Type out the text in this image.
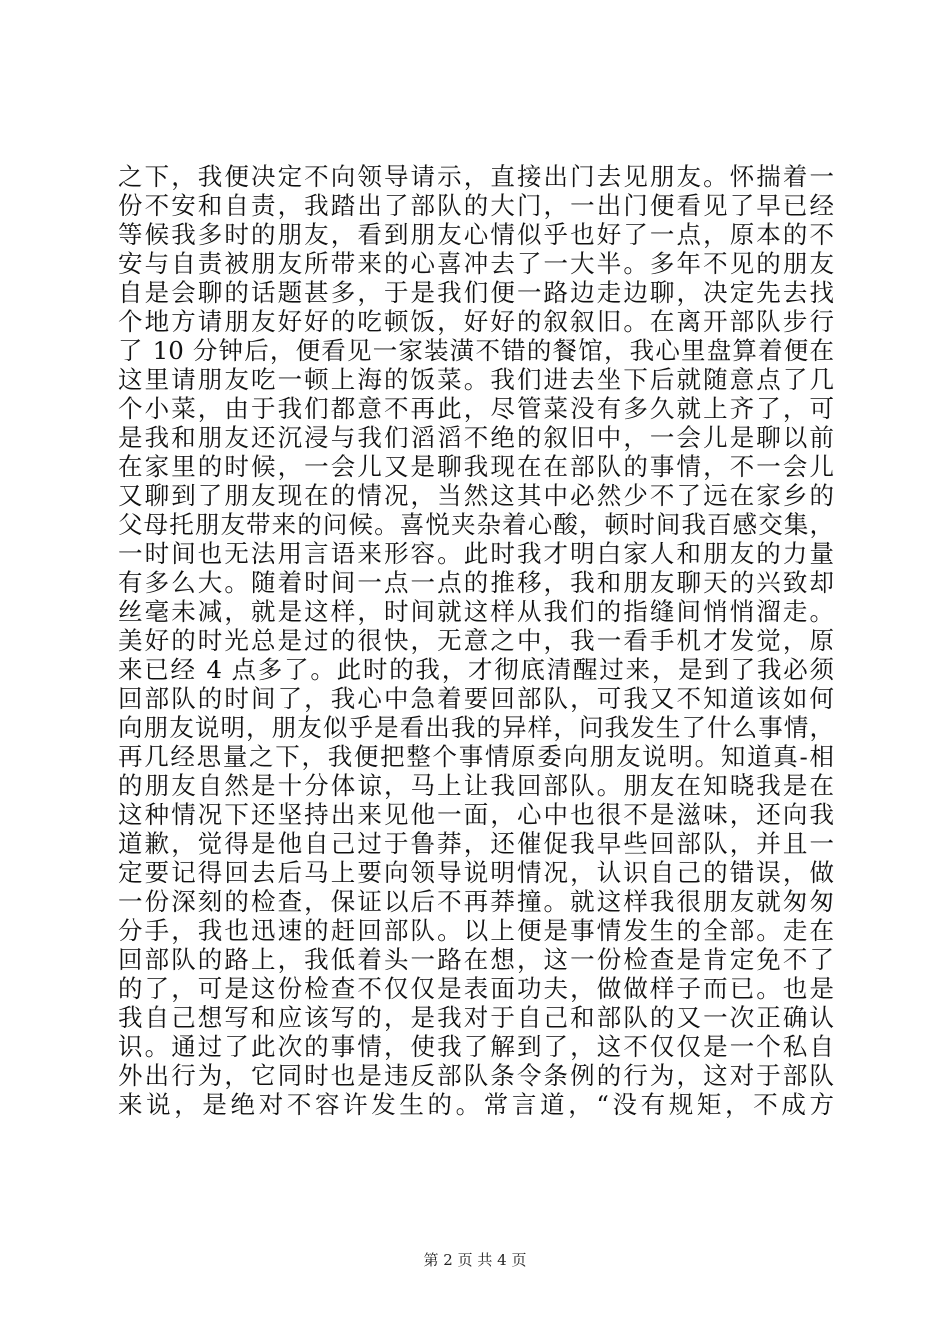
之下，我便决定不向领导请示，直接出门去见朋友。怀揣着一
份不安和自责，我踏出了部队的大门，一出门便看见了早已经
等候我多时的朋友，看到朋友心情似乎也好了一点，原本的不
安与自责被朋友所带来的心喜冲去了一大半。多年不见的朋友
自是会聊的话题甚多，于是我们便一路边走边聊，决定先去找
个地方请朋友好好的吃顿饭，好好的叙叙旧。在离开部队步行
了 10 分钟后，便看见一家装潢不错的餐馆，我心里盘算着便在
这里请朋友吃一顿上海的饭菜。我们进去坐下后就随意点了几
个小菜，由于我们都意不再此，尽管菜没有多久就上齐了，可
是我和朋友还沉浸与我们滔滔不绝的叙旧中，一会儿是聊以前
在家里的时候，一会儿又是聊我现在在部队的事情，不一会儿
又聊到了朋友现在的情况，当然这其中必然少不了远在家乡的
父母托朋友带来的问候。喜悦夹杂着心酸，顿时间我百感交集，
一时间也无法用言语来形容。此时我才明白家人和朋友的力量
有多么大。随着时间一点一点的推移，我和朋友聊天的兴致却
丝毫未减，就是这样，时间就这样从我们的指缝间悄悄溜走。
美好的时光总是过的很快，无意之中，我一看手机才发觉，原
来已经 4 点多了。此时的我，才彻底清醒过来，是到了我必须
回部队的时间了，我心中急着要回部队，可我又不知道该如何
向朋友说明，朋友似乎是看出我的异样，问我发生了什么事情，
再几经思量之下，我便把整个事情原委向朋友说明。知道真-相
的朋友自然是十分体谅，马上让我回部队。朋友在知晓我是在
这种情况下还坚持出来见他一面，心中也很不是滋味，还向我
道歉，觉得是他自己过于鲁莽，还催促我早些回部队，并且一
定要记得回去后马上要向领导说明情况，认识自己的错误，做
一份深刻的检查，保证以后不再莽撞。就这样我很朋友就匆匆
分手，我也迅速的赶回部队。以上便是事情发生的全部。走在
回部队的路上，我低着头一路在想，这一份检查是肯定免不了
的了，可是这份检查不仅仅是表面功夫，做做样子而已。也是
我自己想写和应该写的，是我对于自己和部队的又一次正确认
识。通过了此次的事情，使我了解到了，这不仅仅是一个私自
外出行为，它同时也是违反部队条令条例的行为，这对于部队
来说，是绝对不容许发生的。常言道，“没有规矩，不成方
第 2 页 共 4 页
